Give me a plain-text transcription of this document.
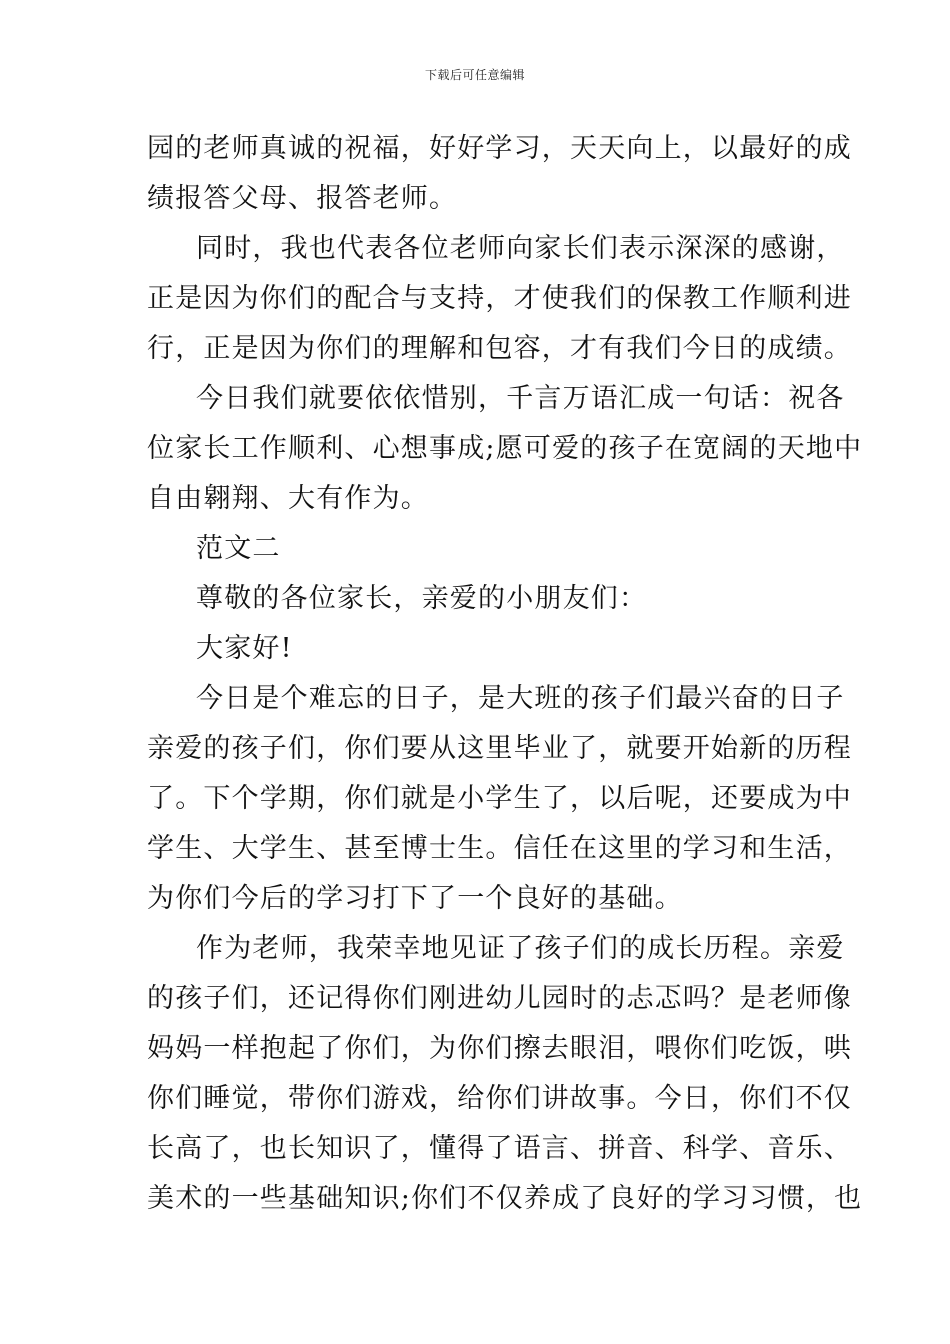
下载后可任意编辑
园的老师真诚的祝福，好好学习，天天向上，以最好的成
绩报答父母、报答老师。
同时，我也代表各位老师向家长们表示深深的感谢，
正是因为你们的配合与支持，才使我们的保教工作顺利进
行，正是因为你们的理解和包容，才有我们今日的成绩。
今日我们就要依依惜别，千言万语汇成一句话：祝各
位家长工作顺利、心想事成;愿可爱的孩子在宽阔的天地中
自由翱翔、大有作为。
范文二
尊敬的各位家长，亲爱的小朋友们：
大家好!
今日是个难忘的日子，是大班的孩子们最兴奋的日子
亲爱的孩子们，你们要从这里毕业了，就要开始新的历程
了。下个学期，你们就是小学生了，以后呢，还要成为中
学生、大学生、甚至博士生。信任在这里的学习和生活，
为你们今后的学习打下了一个良好的基础。
作为老师，我荣幸地见证了孩子们的成长历程。亲爱
的孩子们，还记得你们刚进幼儿园时的忐忑吗？是老师像
妈妈一样抱起了你们，为你们擦去眼泪，喂你们吃饭，哄
你们睡觉，带你们游戏，给你们讲故事。今日，你们不仅
长高了，也长知识了，懂得了语言、拼音、科学、音乐、
美术的一些基础知识;你们不仅养成了良好的学习习惯，也
